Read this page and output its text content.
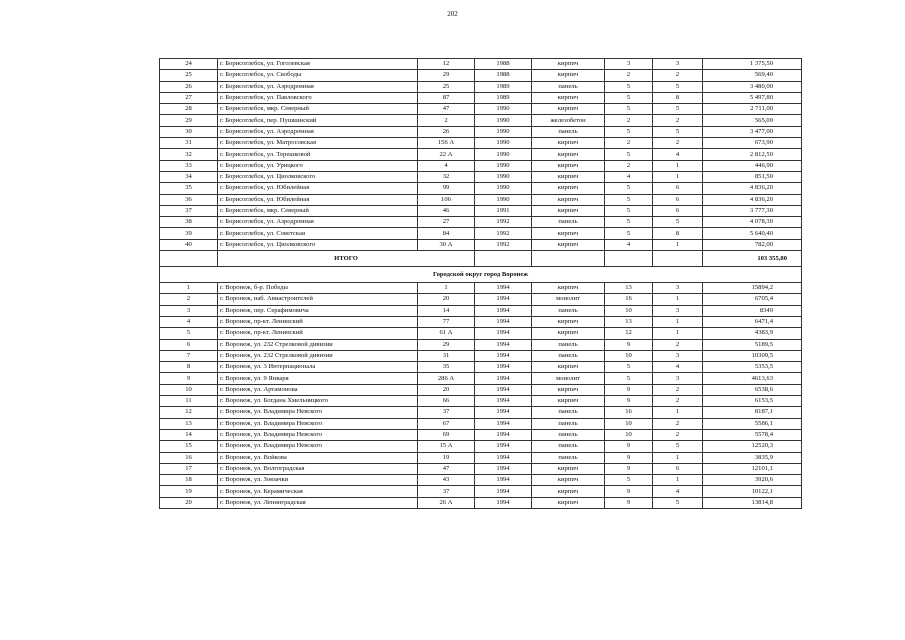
202
24	г. Борисоглебск, ул. Гоголевская	12	1988	кирпич	3	3	1 375,50
25	г. Борисоглебск, ул. Свободы	29	1988	кирпич	2	2	569,40
26	г. Борисоглебск, ул. Аэродромная	25	1989	панель	5	5	3 480,00
27	г. Борисоглебск, ул. Павловского	87	1989	кирпич	5	8	5 497,80
28	г. Борисоглебск, мкр. Северный	47	1990	кирпич	5	5	2 711,00
29	г. Борисоглебск, пер. Пушкинский	2	1990	железобетон	2	2	565,00
30	г. Борисоглебск, ул. Аэродромная	26	1990	панель	5	5	3 477,00
31	г. Борисоглебск, ул. Матросовская	156 А	1990	кирпич	2	2	673,90
32	г. Борисоглебск, ул. Терешковой	22 А	1990	кирпич	5	4	2 812,50
33	г. Борисоглебск, ул. Урицкого	4	1990	кирпич	2	1	446,90
34	г. Борисоглебск, ул. Циолковского	32	1990	кирпич	4	1	851,50
35	г. Борисоглебск, ул. Юбилейная	99	1990	кирпич	5	6	4 836,20
36	г. Борисоглебск, ул. Юбилейная	106	1990	кирпич	5	6	4 836,20
37	г. Борисоглебск, мкр. Северный	46	1991	кирпич	5	6	3 777,30
38	г. Борисоглебск, ул. Аэродромная	27	1992	панель	5	5	4 078,30
39	г. Борисоглебск, ул. Советская	84	1992	кирпич	5	8	5 640,40
40	г. Борисоглебск, ул. Циолковского	30 А	1992	кирпич	4	1	782,00
	ИТОГО						103 355,80
Городской округ город Воронеж							
1	г. Воронеж, б-р. Победы	1	1994	кирпич	13	3	15894,2
2	г. Воронеж, наб. Авиастроителей	20	1994	монолит	16	1	6705,4
3	г. Воронеж, пер. Серафимовича	14	1994	панель	10	3	8349
4	г. Воронеж, пр-кт. Ленинский	77	1994	кирпич	13	1	6471,4
5	г. Воронеж, пр-кт. Ленинский	61 А	1994	кирпич	12	1	4383,9
6	г. Воронеж, ул. 232 Стрелковой дивизии	29	1994	панель	9	2	5189,5
7	г. Воронеж, ул. 232 Стрелковой дивизии	31	1994	панель	10	3	10309,5
8	г. Воронеж, ул. 3 Интернационала	35	1994	кирпич	5	4	5353,5
9	г. Воронеж, ул. 9 Января	286 А	1994	монолит	5	3	4613,63
10	г. Воронеж, ул. Артамонова	20	1994	кирпич	9	2	6538,6
11	г. Воронеж, ул. Богдана Хмельницкого	66	1994	кирпич	9	2	6153,5
12	г. Воронеж, ул. Владимира Невского	37	1994	панель	16	1	8187,1
13	г. Воронеж, ул. Владимира Невского	67	1994	панель	10	2	5586,1
14	г. Воронеж, ул. Владимира Невского	69	1994	панель	10	2	5578,4
15	г. Воронеж, ул. Владимира Невского	15 А	1994	панель	9	5	12520,3
16	г. Воронеж, ул. Войкова	19	1994	панель	9	1	3835,9
17	г. Воронеж, ул. Волгоградская	47	1994	кирпич	9	6	12101,1
18	г. Воронеж, ул. Зоязачки	43	1994	кирпич	5	1	3920,6
19	г. Воронеж, ул. Керамическая	37	1994	кирпич	9	4	10122,1
20	г. Воронеж, ул. Ленинградская	26 А	1994	кирпич	9	5	13814,8
